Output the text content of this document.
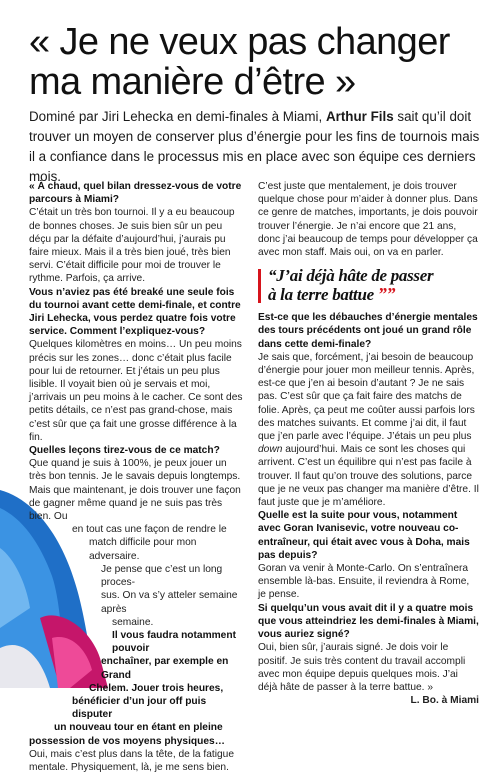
« Je ne veux pas changer ma manière d’être »

Dominé par Jiri Lehecka en demi-finales à Miami, Arthur Fils sait qu’il doit trouver un moyen de conserver plus d’énergie pour les fins de tournois mais il a confiance dans le processus mis en place avec son équipe ces derniers mois.

« À chaud, quel bilan dressez-vous de votre parcours à Miami?

C’était un très bon tournoi. Il y a eu beaucoup de bonnes choses. Je suis bien sûr un peu déçu par la défaite d’aujourd’hui, j’aurais pu faire mieux. Mais il a très bien joué, très bien servi. C’était difficile pour moi de trouver le rythme. Parfois, ça arrive.

Vous n’aviez pas été breaké une seule fois du tournoi avant cette demi-finale, et contre Jiri Lehecka, vous perdez quatre fois votre service. Comment l’expliquez-vous?

Quelques kilomètres en moins… Un peu moins précis sur les zones… donc c’était plus facile pour lui de retourner. Et j’étais un peu plus lisible. Il voyait bien où je servais et moi, j’arrivais un peu moins à le cacher. Ce sont des petits détails, ce n’est pas grand-chose, mais c’est sûr que ça fait une grosse différence à la fin.

Quelles leçons tirez-vous de ce match?

Que quand je suis à 100%, je peux jouer un très bon tennis. Je le savais depuis longtemps. Mais que maintenant, je dois trouver une façon de gagner même quand je ne suis pas très bien. Ou

en tout cas une façon de rendre le

match difficile pour mon adversaire.

Je pense que c’est un long proces-

sus. On va s’y atteler semaine après

semaine.

Il vous faudra notamment pouvoir

enchaîner, par exemple en Grand

Chelem. Jouer trois heures,

bénéficier d’un jour off puis disputer

un nouveau tour en étant en pleine

possession de vos moyens physiques…

Oui, mais c’est plus dans la tête, de la fatigue mentale. Physiquement, là, je me sens bien.

C’est juste que mentalement, je dois trouver quelque chose pour m’aider à donner plus. Dans ce genre de matches, importants, je dois pouvoir trouver l’énergie. Je n’ai encore que 21 ans, donc j’ai beaucoup de temps pour développer ça avec mon staff. Mais oui, on va en parler.

“J’ai déjà hâte de passer
à la terre battue ””

Est-ce que les débauches d’énergie mentales des tours précédents ont joué un grand rôle dans cette demi-finale?

Je sais que, forcément, j’ai besoin de beaucoup d’énergie pour jouer mon meilleur tennis. Après, est-ce que j’en ai besoin d’autant ? Je ne sais pas. C’est sûr que ça fait faire des matchs de folie. Après, ça peut me coûter aussi parfois lors des matches suivants. Et comme j’ai dit, il faut que j’en parle avec l’équipe. J’étais un peu plus down aujourd’hui. Mais ce sont les choses qui arrivent. C’est un équilibre qui n’est pas facile à trouver. Il faut qu’on trouve des solutions, parce que je ne veux pas changer ma manière d’être. Il faut juste que je m’améliore.

Quelle est la suite pour vous, notamment avec Goran Ivanisevic, votre nouveau co-entraîneur, qui était avec vous à Doha, mais pas depuis?

Goran va venir à Monte-Carlo. On s’entraînera ensemble là-bas. Ensuite, il reviendra à Rome, je pense.

Si quelqu’un vous avait dit il y a quatre mois que vous atteindriez les demi-finales à Miami, vous auriez signé?

Oui, bien sûr, j’aurais signé. Je dois voir le positif. Je suis très content du travail accompli avec mon équipe depuis quelques mois. J’ai déjà hâte de passer à la terre battue. »

L. Bo. à Miami
